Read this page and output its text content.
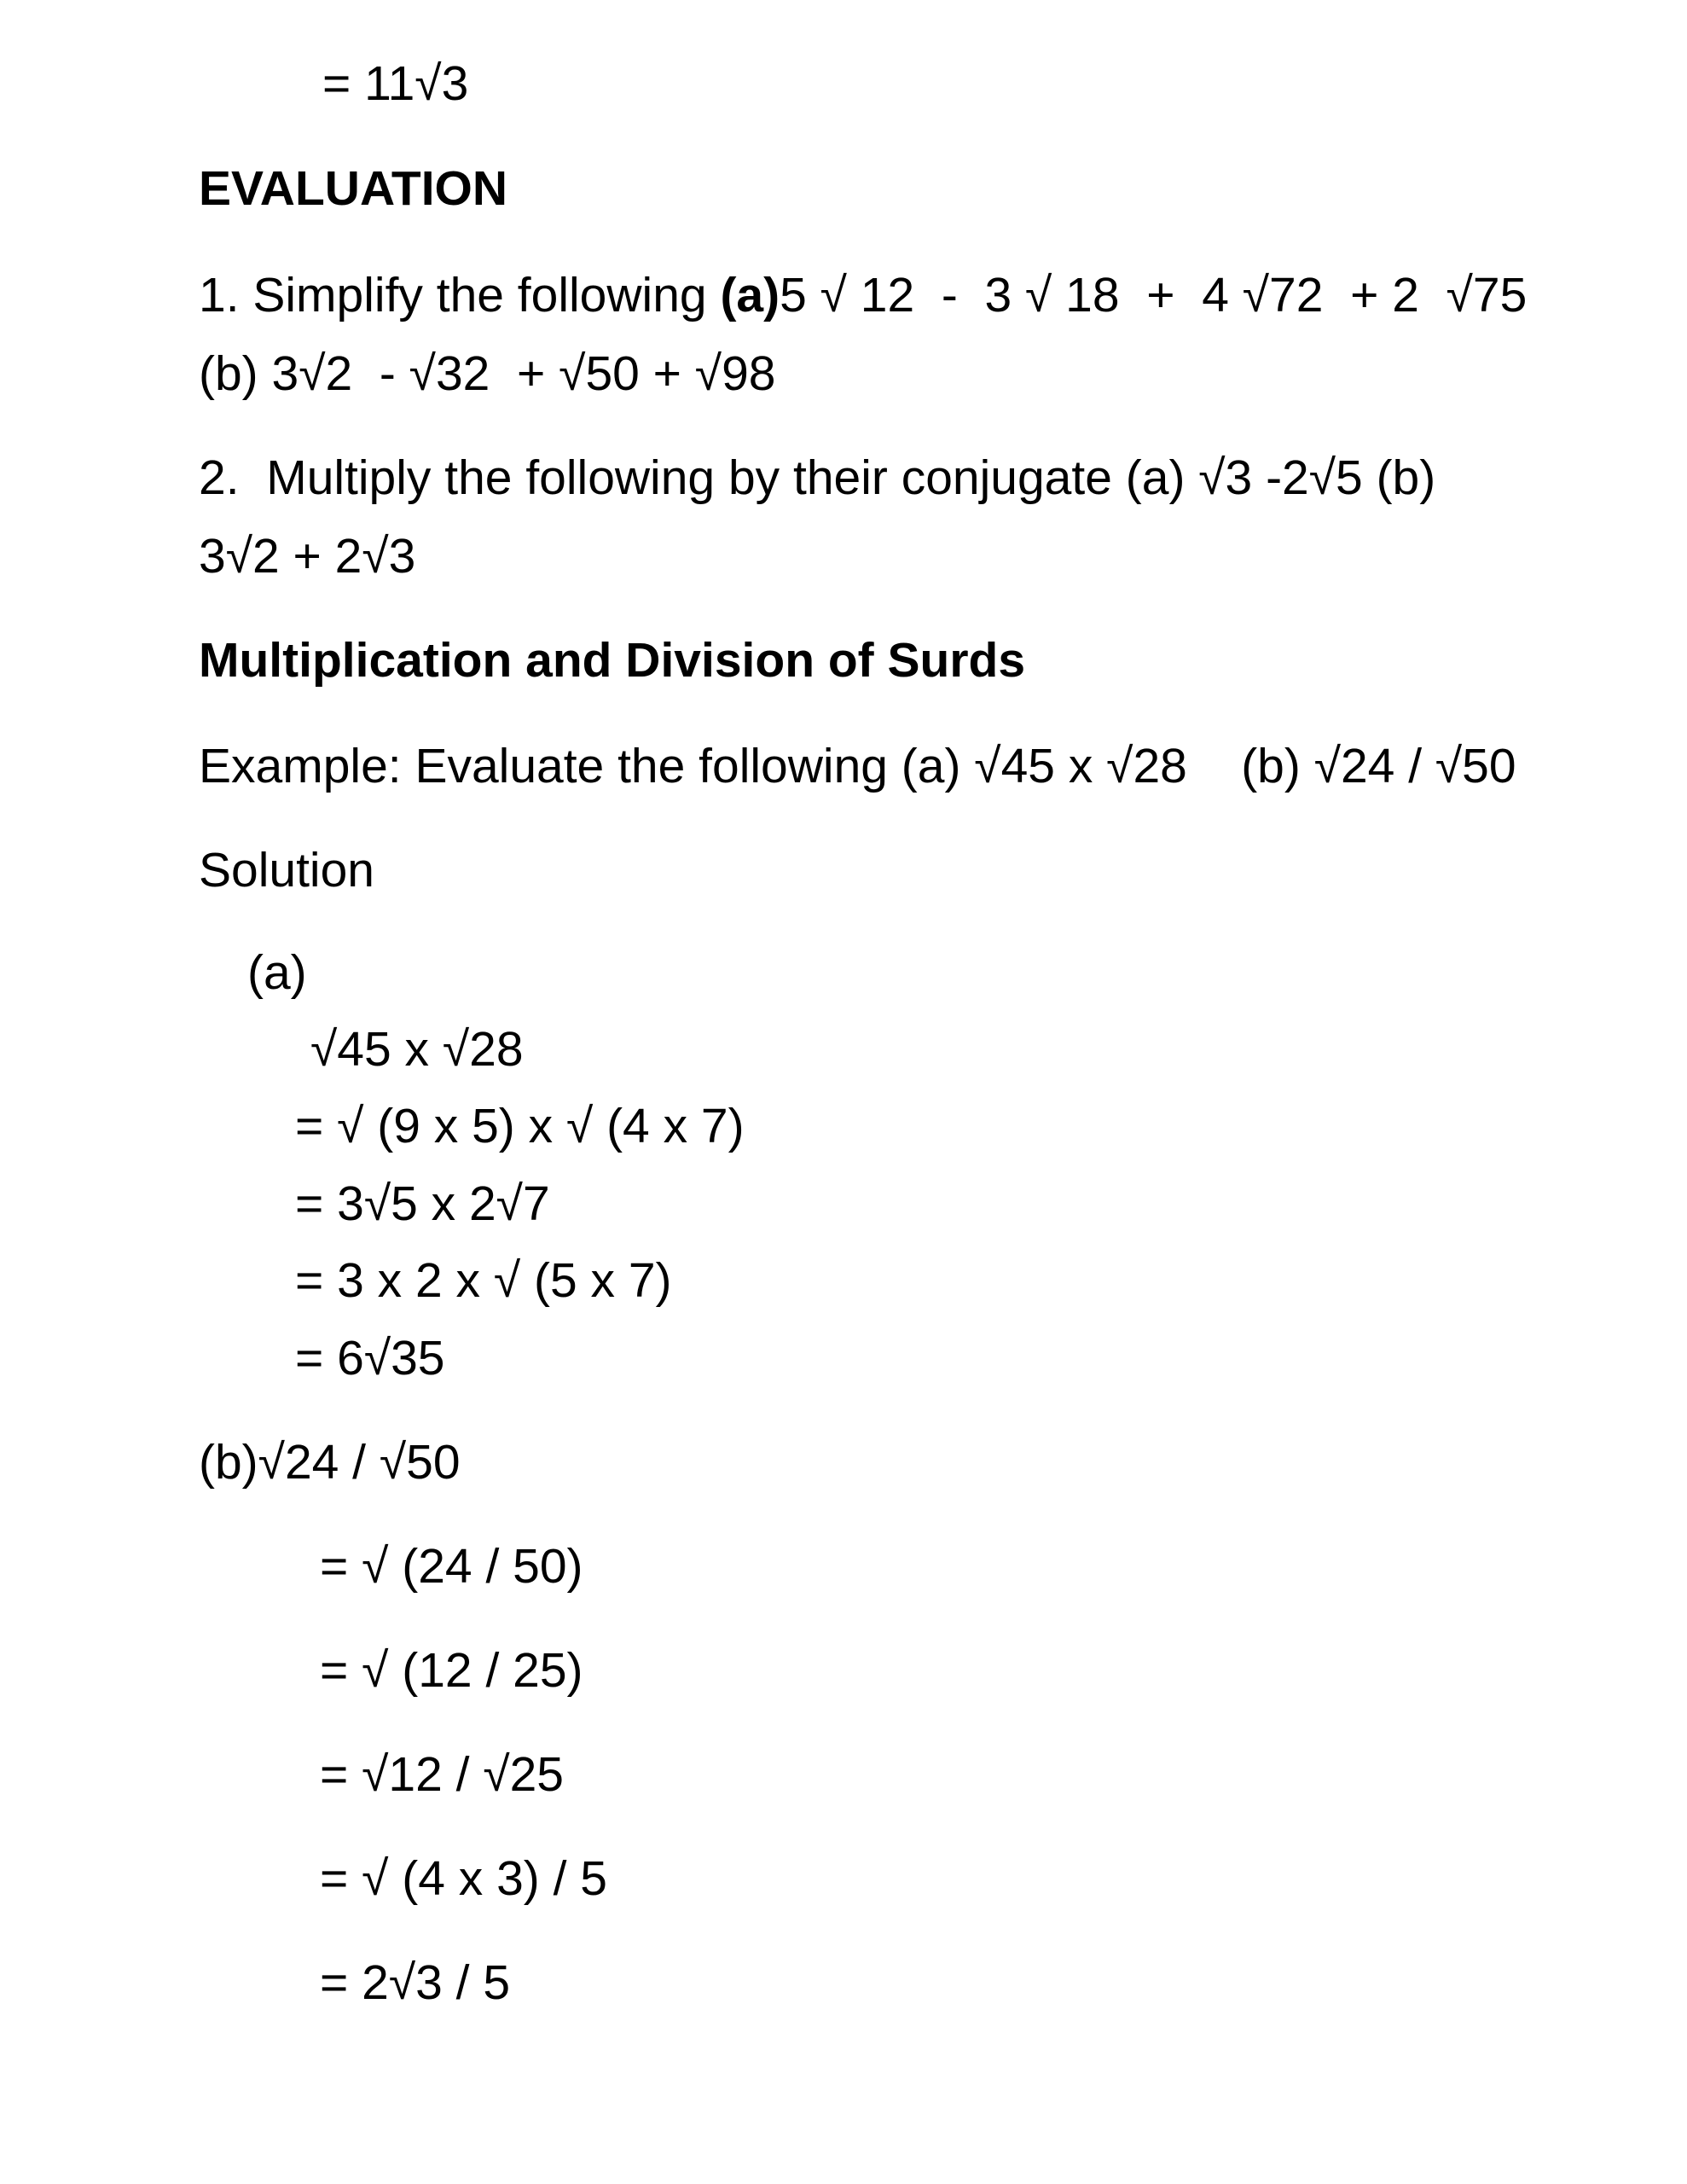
= 11√3
EVALUATION
1. Simplify the following (a)5 √ 12  -  3 √ 18  +  4 √72  + 2  √75
(b) 3√2  - √32  + √50 + √98
2.  Multiply the following by their conjugate (a) √3 -2√5 (b)
3√2 + 2√3
Multiplication and Division of Surds
Example: Evaluate the following (a) √45 x √28    (b) √24 / √50
Solution
(a)
√45 x √28
= √ (9 x 5) x √ (4 x 7)
= 3√5 x 2√7
= 3 x 2 x √ (5 x 7)
= 6√35
(b)√24 / √50
= √ (24 / 50)
= √ (12 / 25)
= √12 / √25
= √ (4 x 3) / 5
= 2√3 / 5
